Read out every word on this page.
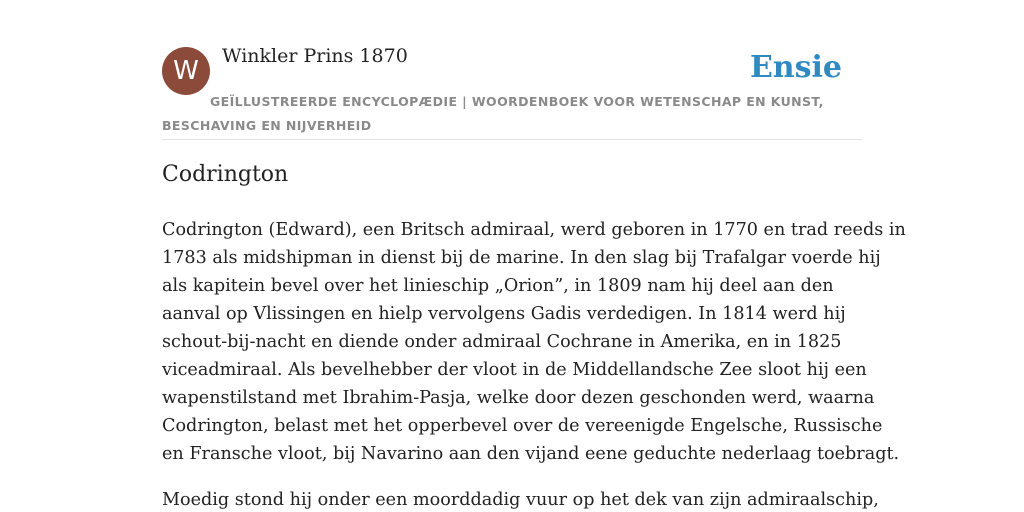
W	Winkler Prins 1870	Ensie
GEÏLLUSTREERDE ENCYCLOPÆDIE | WOORDENBOEK VOOR WETENSCHAP EN KUNST, BESCHAVING EN NIJVERHEID
Codrington

Codrington (Edward), een Britsch admiraal, werd geboren in 1770 en trad reeds in
1783 als midshipman in dienst bij de marine. In den slag bij Trafalgar voerde hij
als kapitein bevel over het linieschip „Orion”, in 1809 nam hij deel aan den
aanval op Vlissingen en hielp vervolgens Gadis verdedigen. In 1814 werd hij
schout-bij-nacht en diende onder admiraal Cochrane in Amerika, en in 1825
viceadmiraal. Als bevelhebber der vloot in de Middellandsche Zee sloot hij een
wapenstilstand met Ibrahim-Pasja, welke door dezen geschonden werd, waarna
Codrington, belast met het opperbevel over de vereenigde Engelsche, Russische
en Fransche vloot, bij Navarino aan den vijand eene geduchte nederlaag toebragt.

Moedig stond hij onder een moorddadig vuur op het dek van zijn admiraalschip,
